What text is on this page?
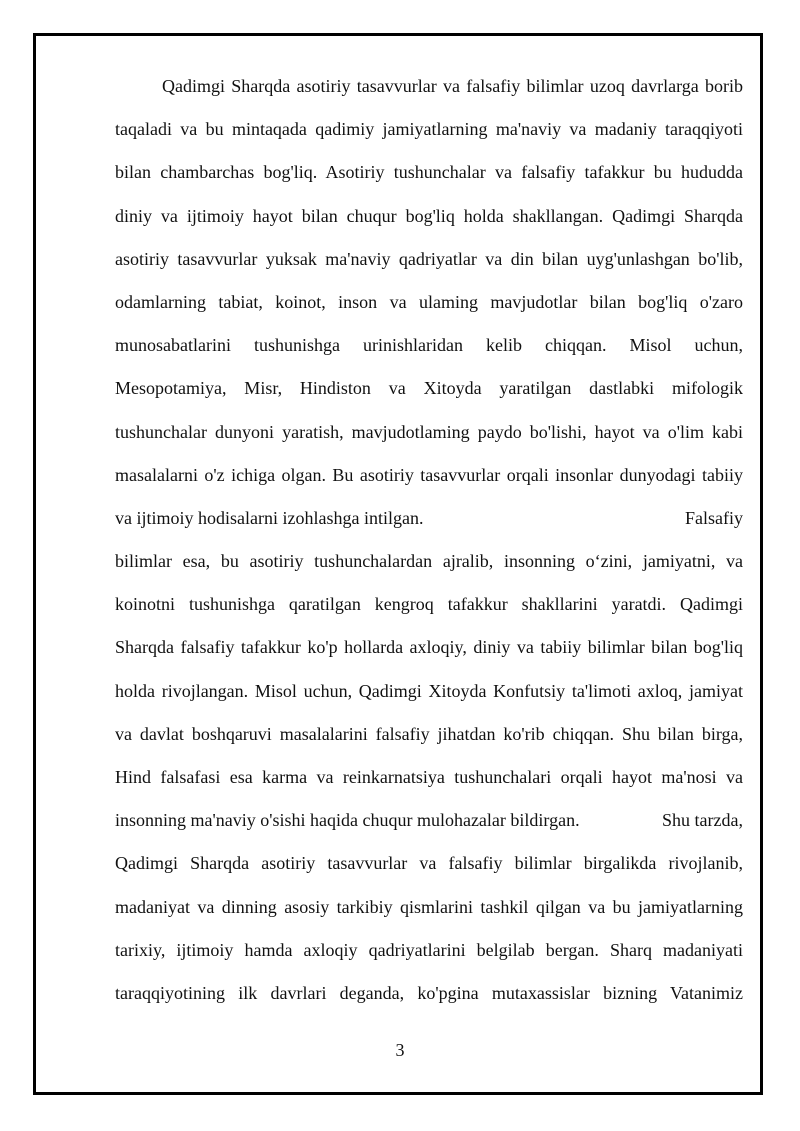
Qadimgi Sharqda asotiriy tasavvurlar va falsafiy bilimlar uzoq davrlarga borib
taqaladi va bu mintaqada qadimiy jamiyatlarning ma'naviy va madaniy taraqqiyoti
bilan chambarchas bog'liq. Asotiriy tushunchalar va falsafiy tafakkur bu hududda
diniy va ijtimoiy hayot bilan chuqur bog'liq holda shakllangan. Qadimgi Sharqda
asotiriy tasavvurlar yuksak ma'naviy qadriyatlar va din bilan uyg'unlashgan bo'lib,
odamlarning tabiat, koinot, inson va ulaming mavjudotlar bilan bog'liq o'zaro
munosabatlarini tushunishga urinishlaridan kelib chiqqan. Misol uchun,
Mesopotamiya, Misr, Hindiston va Xitoyda yaratilgan dastlabki mifologik
tushunchalar dunyoni yaratish, mavjudotlaming paydo bo'lishi, hayot va o'lim kabi
masalalarni o'z ichiga olgan. Bu asotiriy tasavvurlar orqali insonlar dunyodagi tabiiy
va ijtimoiy hodisalarni izohlashga intilgan.	Falsafiy
bilimlar esa, bu asotiriy tushunchalardan ajralib, insonning o‘zini, jamiyatni, va
koinotni tushunishga qaratilgan kengroq tafakkur shakllarini yaratdi. Qadimgi
Sharqda falsafiy tafakkur ko'p hollarda axloqiy, diniy va tabiiy bilimlar bilan bog'liq
holda rivojlangan. Misol uchun, Qadimgi Xitoyda Konfutsiy ta'limoti axloq, jamiyat
va davlat boshqaruvi masalalarini falsafiy jihatdan ko'rib chiqqan. Shu bilan birga,
Hind falsafasi esa karma va reinkarnatsiya tushunchalari orqali hayot ma'nosi va
insonning ma'naviy o'sishi haqida chuqur mulohazalar bildirgan.	Shu tarzda,
Qadimgi Sharqda asotiriy tasavvurlar va falsafiy bilimlar birgalikda rivojlanib,
madaniyat va dinning asosiy tarkibiy qismlarini tashkil qilgan va bu jamiyatlarning
tarixiy, ijtimoiy hamda axloqiy qadriyatlarini belgilab bergan. Sharq madaniyati
taraqqiyotining ilk davrlari deganda, ko'pgina mutaxassislar bizning Vatanimiz
3
